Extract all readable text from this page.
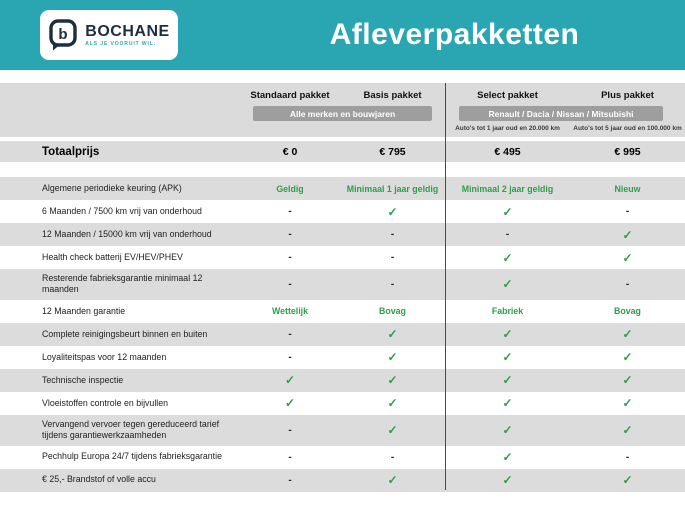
b BOCHANE
ALS JE VOORUIT WIL.	Afleverpakketten
Standaard pakket	Basis pakket	Select pakket	Plus pakket
Alle merken en bouwjaren	Renault / Dacia / Nissan / Mitsubishi
Auto's tot 1 jaar oud en 20.000 km	Auto's tot 5 jaar oud en 100.000 km
Totaalprijs	€ 0	€ 795	€ 495	€ 995
Algemene periodieke keuring (APK)	Geldig	Minimaal 1 jaar geldig	Minimaal 2 jaar geldig	Nieuw
6 Maanden / 7500 km vrij van onderhoud	-	✓	✓	-
12 Maanden / 15000 km vrij van onderhoud	-	-	-	✓
Health check batterij EV/HEV/PHEV	-	-	✓	✓
Resterende fabrieksgarantie minimaal 12 maanden	-	-	✓	-
12 Maanden garantie	Wettelijk	Bovag	Fabriek	Bovag
Complete reinigingsbeurt binnen en buiten	-	✓	✓	✓
Loyaliteitspas voor 12 maanden	-	✓	✓	✓
Technische inspectie	✓	✓	✓	✓
Vloeistoffen controle en bijvullen	✓	✓	✓	✓
Vervangend vervoer tegen gereduceerd tarief tijdens garantiewerkzaamheden	-	✓	✓	✓
Pechhulp Europa 24/7 tijdens fabrieksgarantie	-	-	✓	-
€ 25,- Brandstof of volle accu	-	✓	✓	✓
